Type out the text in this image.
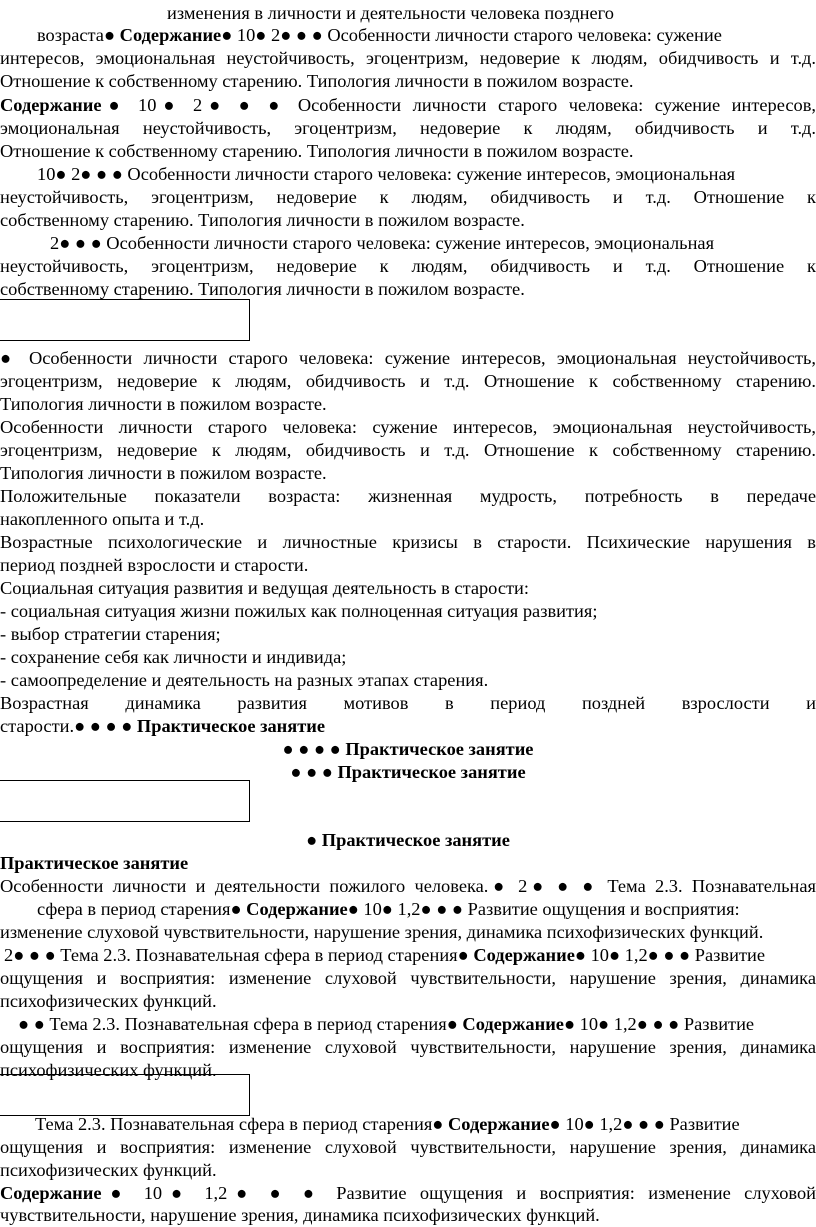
изменения в личности и деятельности человека позднего
возраста● Содержание● 10● 2● ● ● Особенности личности старого человека: сужение
интересов, эмоциональная неустойчивость, эгоцентризм, недоверие к людям, обидчивость и т.д.
Отношение к собственному старению. Типология личности в пожилом возрасте.
Содержание● 10● 2● ● ● Особенности личности старого человека: сужение интересов,
эмоциональная неустойчивость, эгоцентризм, недоверие к людям, обидчивость и т.д.
Отношение к собственному старению. Типология личности в пожилом возрасте.
10● 2● ● ● Особенности личности старого человека: сужение интересов, эмоциональная
неустойчивость, эгоцентризм, недоверие к людям, обидчивость и т.д. Отношение к
собственному старению. Типология личности в пожилом возрасте.
2● ● ● Особенности личности старого человека: сужение интересов, эмоциональная
неустойчивость, эгоцентризм, недоверие к людям, обидчивость и т.д. Отношение к
собственному старению. Типология личности в пожилом возрасте.
● Особенности личности старого человека: сужение интересов, эмоциональная неустойчивость,
эгоцентризм, недоверие к людям, обидчивость и т.д. Отношение к собственному старению.
Типология личности в пожилом возрасте.
Особенности личности старого человека: сужение интересов, эмоциональная неустойчивость,
эгоцентризм, недоверие к людям, обидчивость и т.д. Отношение к собственному старению.
Типология личности в пожилом возрасте.
Положительные показатели возраста: жизненная мудрость, потребность в передаче
накопленного опыта и т.д.
Возрастные психологические и личностные кризисы в старости. Психические нарушения в
период поздней взрослости и старости.
Социальная ситуация развития и ведущая деятельность в старости:
- социальная ситуация жизни пожилых как полноценная ситуация развития;
- выбор стратегии старения;
- сохранение себя как личности и индивида;
- самоопределение и деятельность на разных этапах старения.
Возрастная динамика развития мотивов в период поздней взрослости и
старости.● ● ● ● Практическое занятие
● ● ● ● Практическое занятие
● ● ● Практическое занятие
● Практическое занятие
Практическое занятие
Особенности личности и деятельности пожилого человека.● 2● ● ● Тема 2.3. Познавательная
сфера в период старения● Содержание● 10● 1,2● ● ● Развитие ощущения и восприятия:
изменение слуховой чувствительности, нарушение зрения, динамика психофизических функций.
2● ● ● Тема 2.3. Познавательная сфера в период старения● Содержание● 10● 1,2● ● ● Развитие
ощущения и восприятия: изменение слуховой чувствительности, нарушение зрения, динамика
психофизических функций.
● ● Тема 2.3. Познавательная сфера в период старения● Содержание● 10● 1,2● ● ● Развитие
ощущения и восприятия: изменение слуховой чувствительности, нарушение зрения, динамика
психофизических функций.
Тема 2.3. Познавательная сфера в период старения● Содержание● 10● 1,2● ● ● Развитие
ощущения и восприятия: изменение слуховой чувствительности, нарушение зрения, динамика
психофизических функций.
Содержание● 10● 1,2● ● ● Развитие ощущения и восприятия: изменение слуховой
чувствительности, нарушение зрения, динамика психофизических функций.
